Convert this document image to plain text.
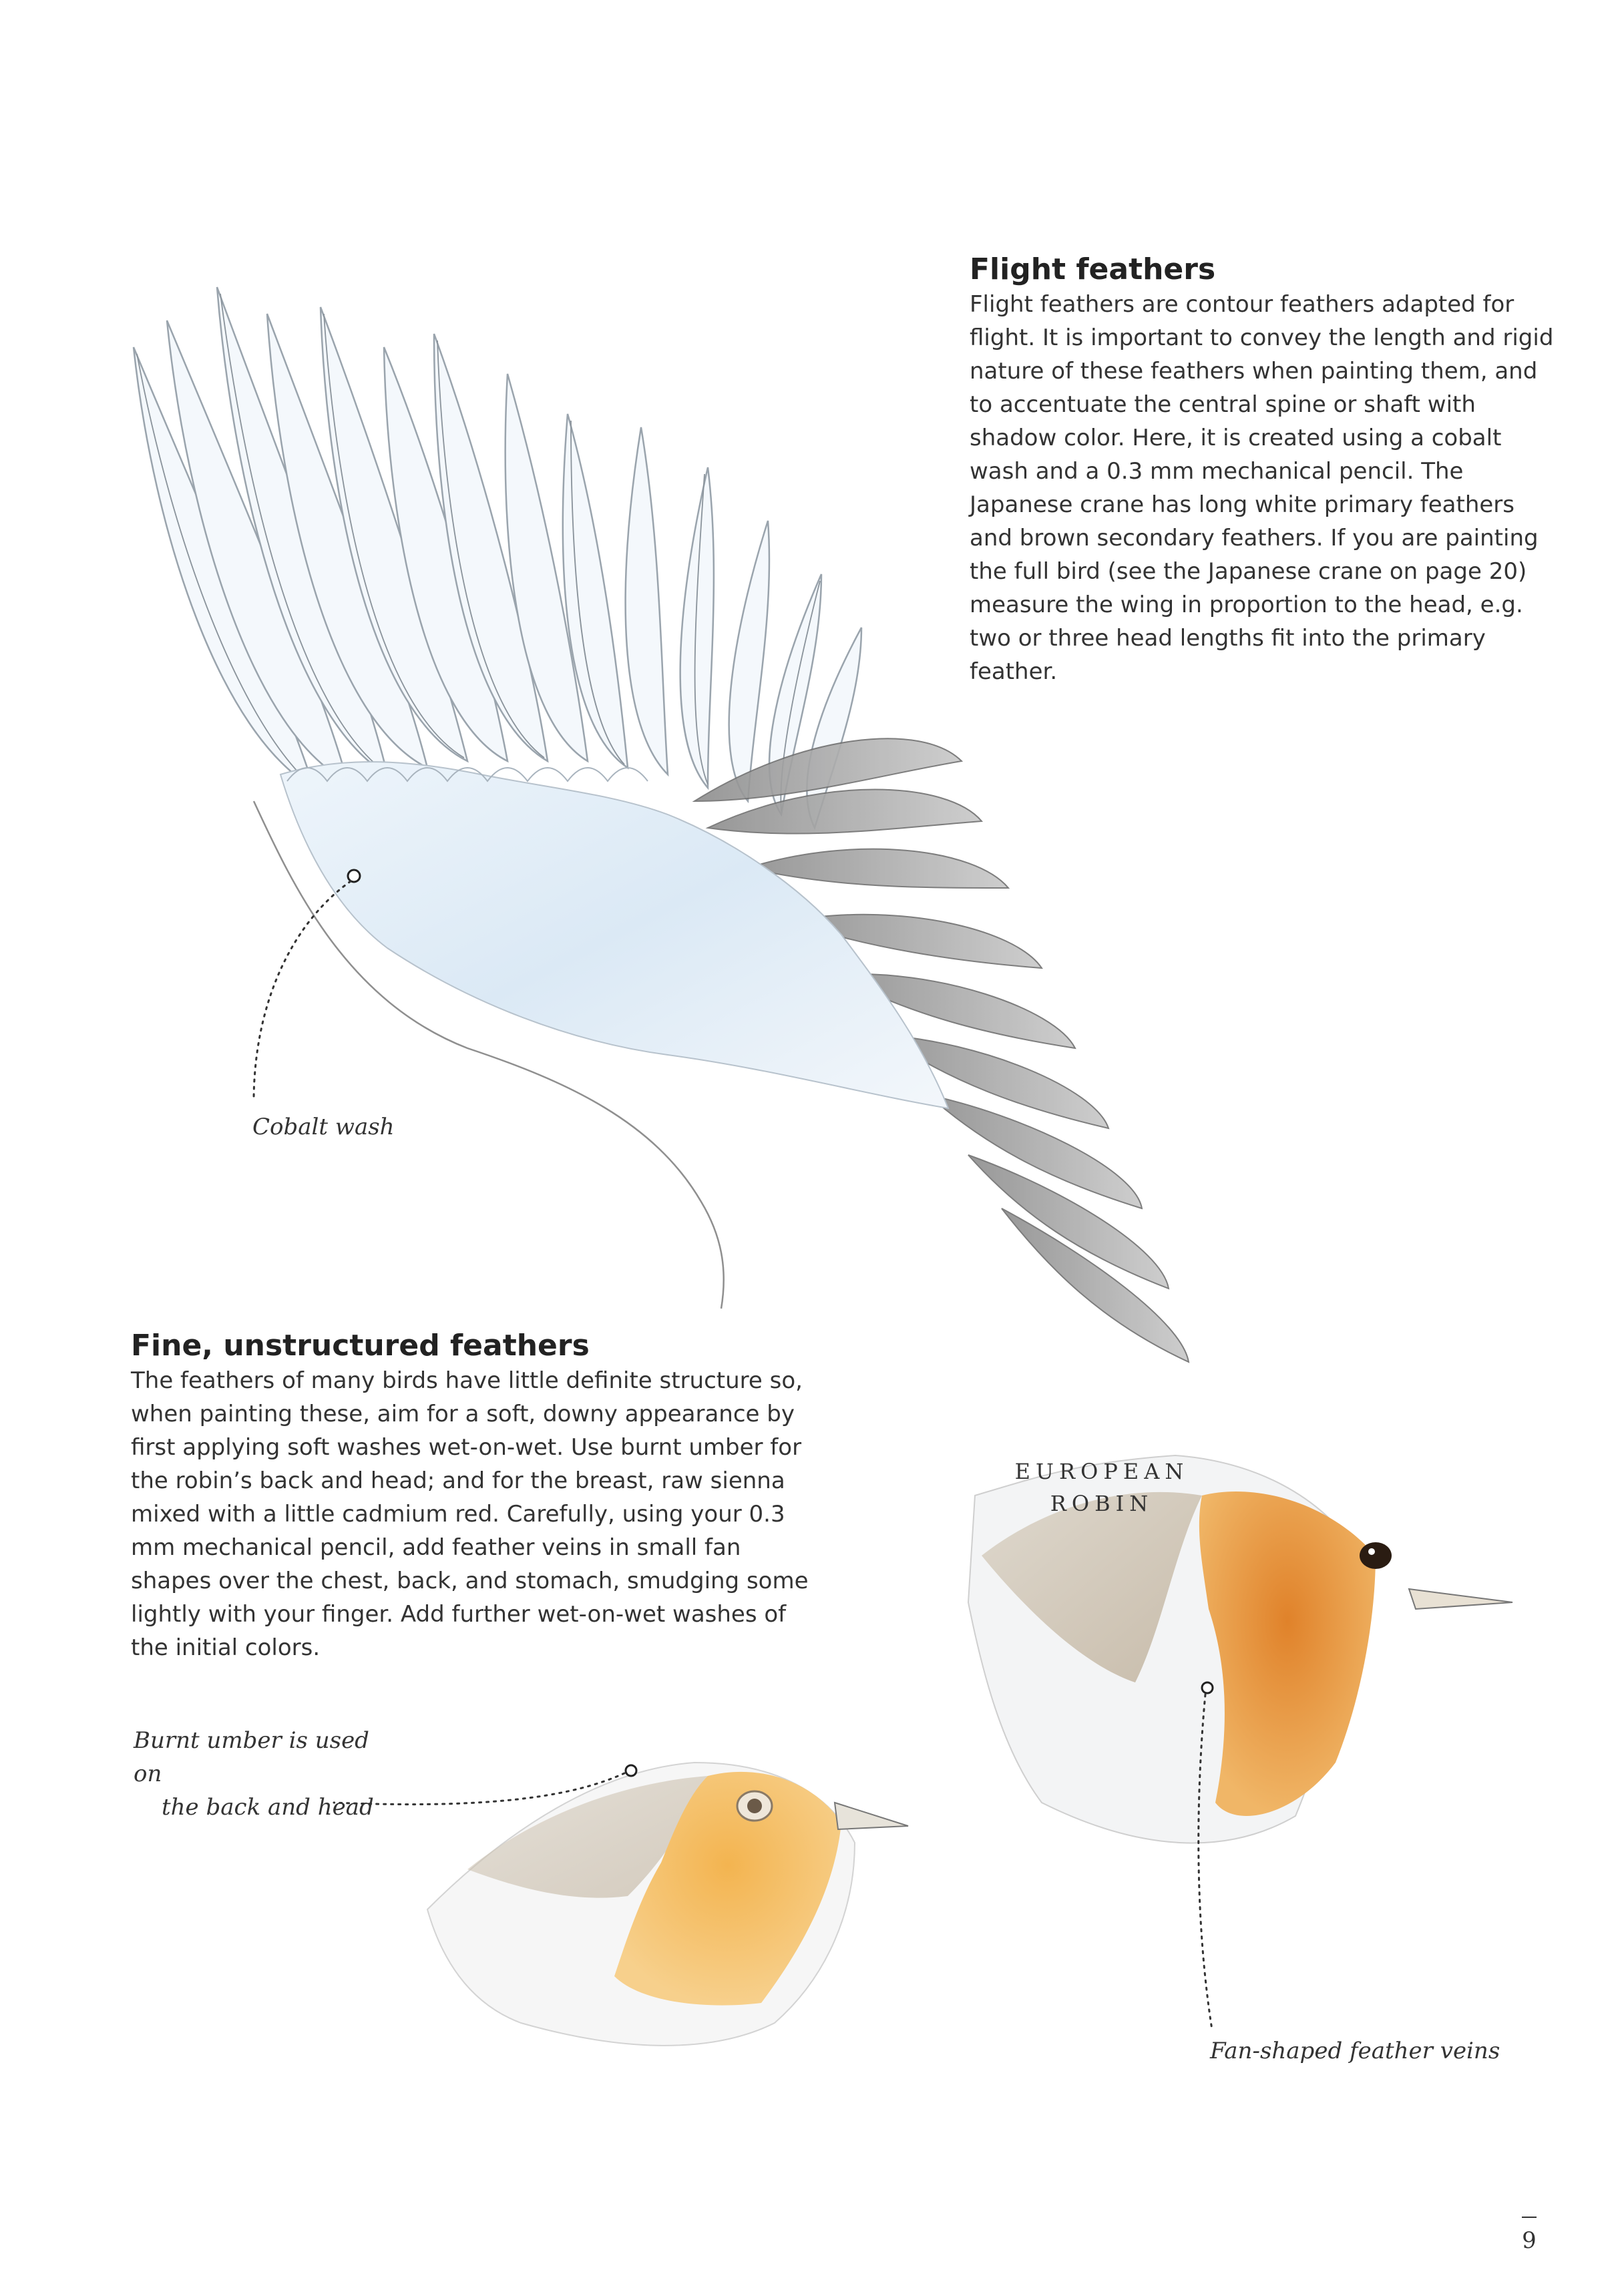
Flight feathers

Flight feathers are contour feathers adapted for flight. It is important to convey the length and rigid nature of these feathers when painting them, and to accentuate the central spine or shaft with shadow color. Here, it is created using a cobalt wash and a 0.3 mm mechanical pencil. The Japanese crane has long white primary feathers and brown secondary feathers. If you are painting the full bird (see the Japanese crane on page 20) measure the wing in proportion to the head, e.g. two or three head lengths fit into the primary feather.

Cobalt wash
Fine, unstructured feathers

The feathers of many birds have little definite structure so, when painting these, aim for a soft, downy appearance by first applying soft washes wet-on-wet. Use burnt umber for the robin’s back and head; and for the breast, raw sienna mixed with a little cadmium red. Carefully, using your 0.3 mm mechanical pencil, add feather veins in small fan shapes over the chest, back, and stomach, smudging some lightly with your finger. Add further wet-on-wet washes of the initial colors.

EUROPEAN
ROBIN
Burnt umber is used on
the back and head
Fan-shaped feather veins
9
